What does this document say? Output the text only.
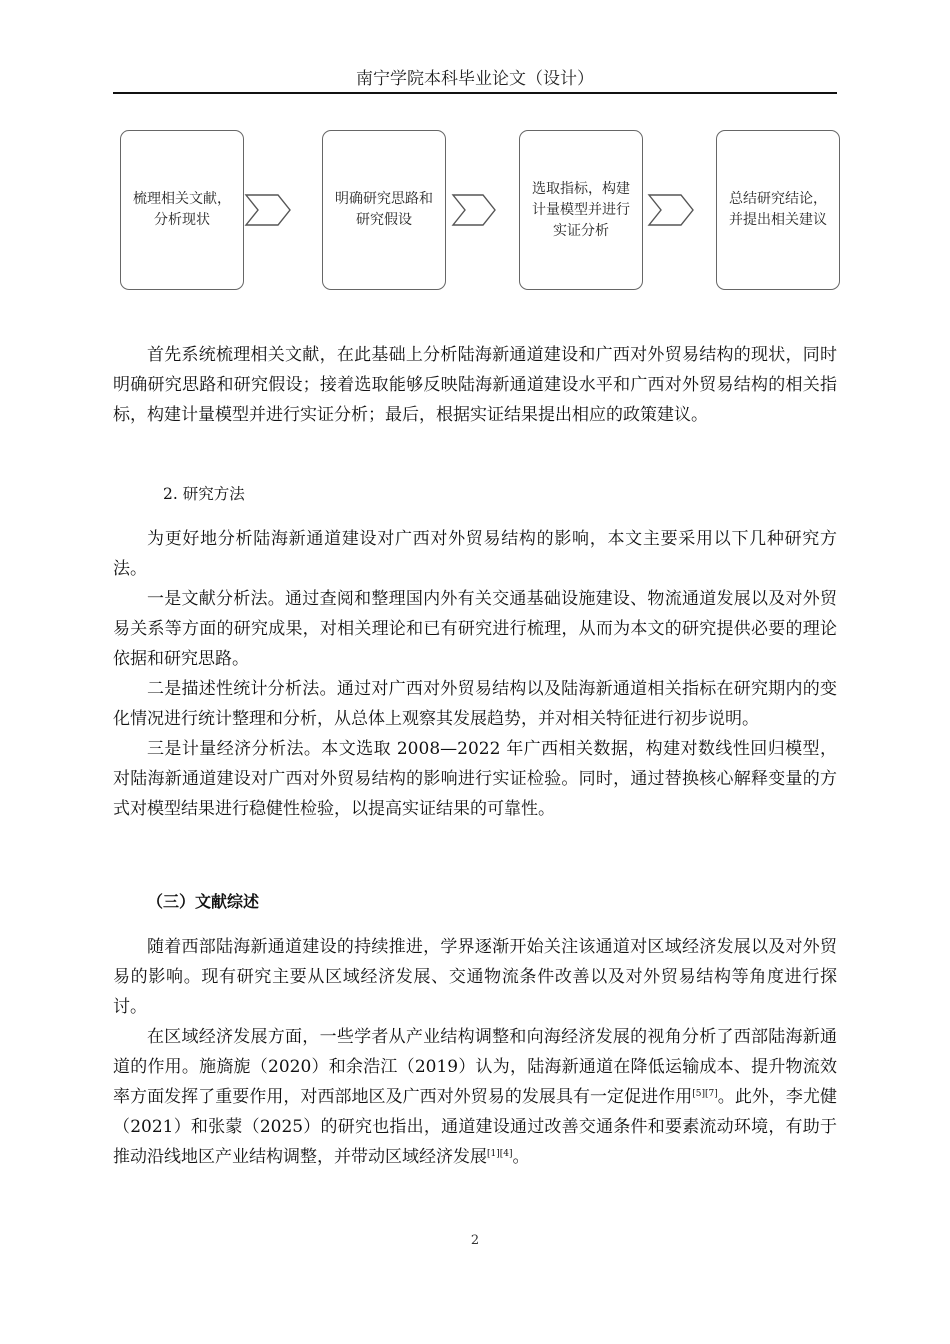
南宁学院本科毕业论文（设计）
梳理相关文献，
分析现状
明确研究思路和
研究假设
选取指标，构建
计量模型并进行
实证分析
总结研究结论，
并提出相关建议

首先系统梳理相关文献，在此基础上分析陆海新通道建设和广西对外贸易结构的现状，同时明确研究思路和研究假设；接着选取能够反映陆海新通道建设水平和广西对外贸易结构的相关指标，构建计量模型并进行实证分析；最后，根据实证结果提出相应的政策建议。

2. 研究方法

为更好地分析陆海新通道建设对广西对外贸易结构的影响，本文主要采用以下几种研究方法。

一是文献分析法。通过查阅和整理国内外有关交通基础设施建设、物流通道发展以及对外贸易关系等方面的研究成果，对相关理论和已有研究进行梳理，从而为本文的研究提供必要的理论依据和研究思路。

二是描述性统计分析法。通过对广西对外贸易结构以及陆海新通道相关指标在研究期内的变化情况进行统计整理和分析，从总体上观察其发展趋势，并对相关特征进行初步说明。

三是计量经济分析法。本文选取 2008—2022 年广西相关数据，构建对数线性回归模型，对陆海新通道建设对广西对外贸易结构的影响进行实证检验。同时，通过替换核心解释变量的方式对模型结果进行稳健性检验，以提高实证结果的可靠性。

（三）文献综述

随着西部陆海新通道建设的持续推进，学界逐渐开始关注该通道对区域经济发展以及对外贸易的影响。现有研究主要从区域经济发展、交通物流条件改善以及对外贸易结构等角度进行探讨。

在区域经济发展方面，一些学者从产业结构调整和向海经济发展的视角分析了西部陆海新通道的作用。施旖旎（2020）和余浩江（2019）认为，陆海新通道在降低运输成本、提升物流效率方面发挥了重要作用，对西部地区及广西对外贸易的发展具有一定促进作用[5][7]。此外，李尤健（2021）和张蒙（2025）的研究也指出，通道建设通过改善交通条件和要素流动环境，有助于推动沿线地区产业结构调整，并带动区域经济发展[1][4]。

2
